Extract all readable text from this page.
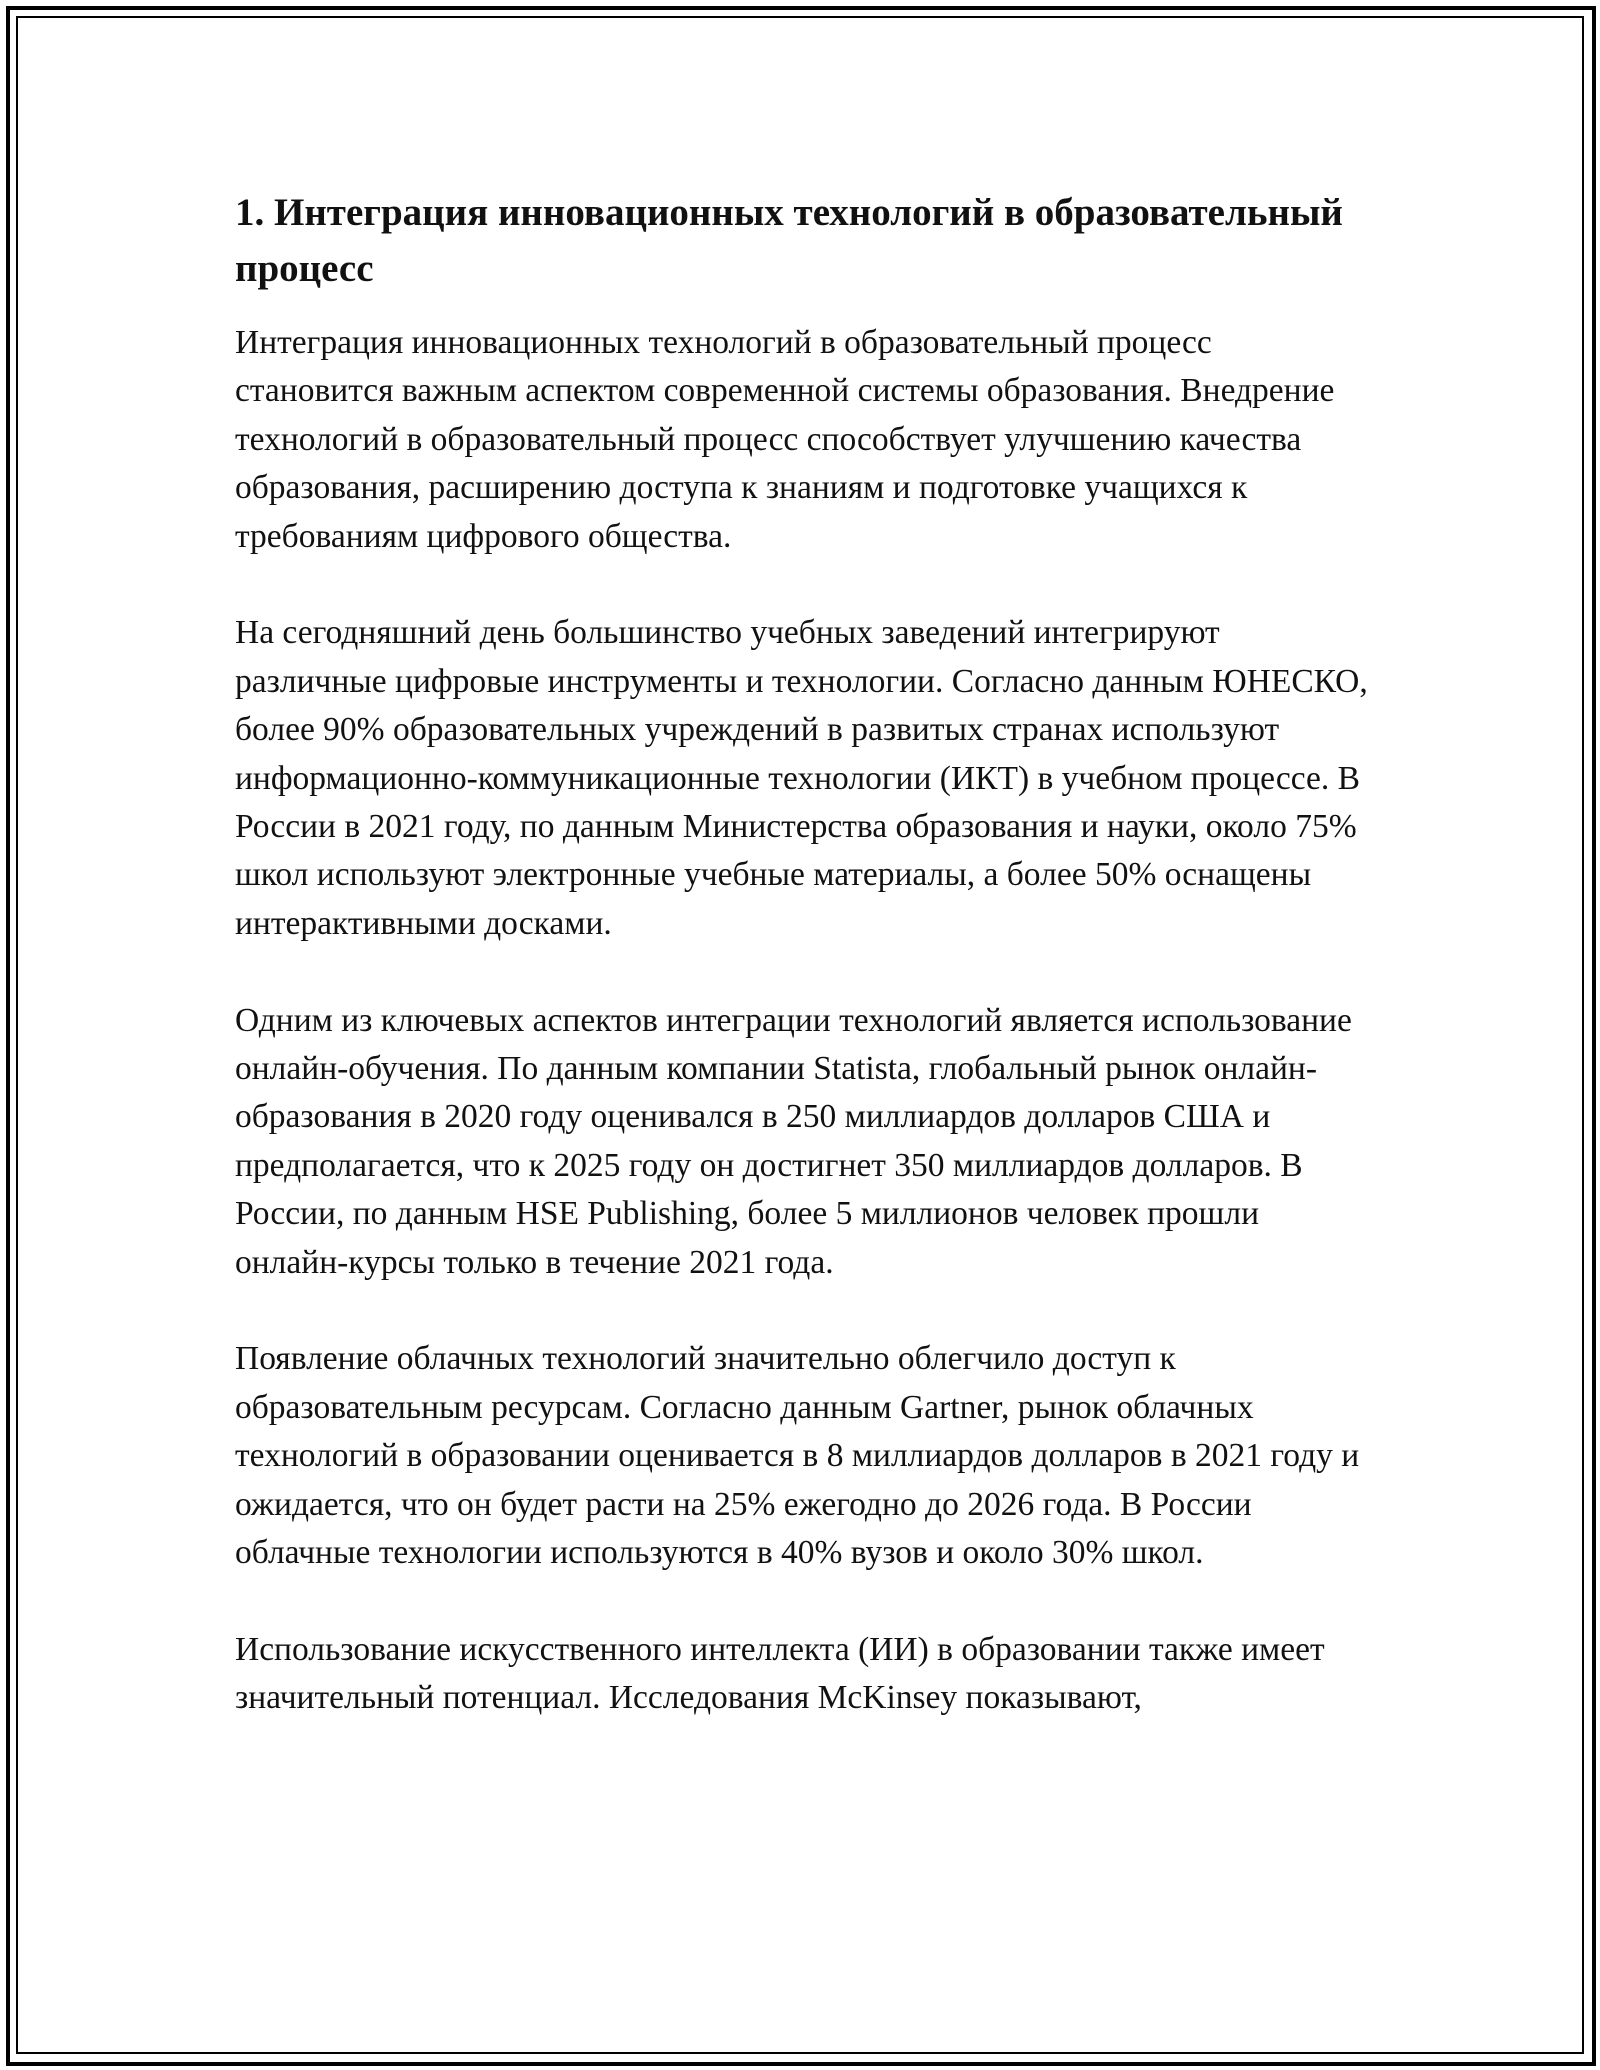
1. Интеграция инновационных технологий в образовательный процесс

Интеграция инновационных технологий в образовательный процесс становится важным аспектом современной системы образования. Внедрение технологий в образовательный процесс способствует улучшению качества образования, расширению доступа к знаниям и подготовке учащихся к требованиям цифрового общества.

На сегодняшний день большинство учебных заведений интегрируют различные цифровые инструменты и технологии. Согласно данным ЮНЕСКО, более 90% образовательных учреждений в развитых странах используют информационно-коммуникационные технологии (ИКТ) в учебном процессе. В России в 2021 году, по данным Министерства образования и науки, около 75% школ используют электронные учебные материалы, а более 50% оснащены интерактивными досками.

Одним из ключевых аспектов интеграции технологий является использование онлайн-обучения. По данным компании Statista, глобальный рынок онлайн-образования в 2020 году оценивался в 250 миллиардов долларов США и предполагается, что к 2025 году он достигнет 350 миллиардов долларов. В России, по данным HSE Publishing, более 5 миллионов человек прошли онлайн-курсы только в течение 2021 года.

Появление облачных технологий значительно облегчило доступ к образовательным ресурсам. Согласно данным Gartner, рынок облачных технологий в образовании оценивается в 8 миллиардов долларов в 2021 году и ожидается, что он будет расти на 25% ежегодно до 2026 года. В России облачные технологии используются в 40% вузов и около 30% школ.

Использование искусственного интеллекта (ИИ) в образовании также имеет значительный потенциал. Исследования McKinsey показывают,
